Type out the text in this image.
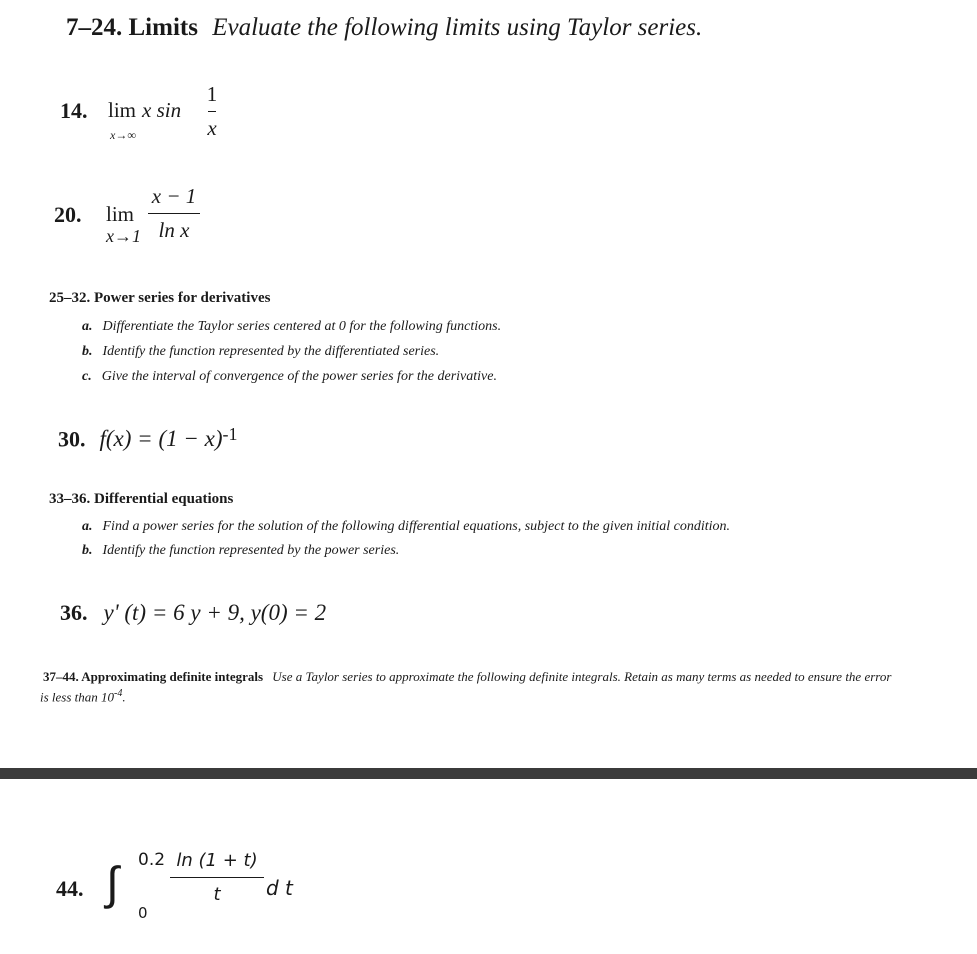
7–24. Limits Evaluate the following limits using Taylor series.
14. lim
x→∞
x sin
1
x
20. lim
x→1
x − 1
ln x
25–32. Power series for derivatives
a. Differentiate the Taylor series centered at 0 for the following functions.
b. Identify the function represented by the differentiated series.
c. Give the interval of convergence of the power series for the derivative.
30. $f(x) = (1 - x)^{-1}$
33–36. Differential equations
a. Find a power series for the solution of the following differential equations, subject to the given initial condition.
b. Identify the function represented by the power series.
36. y' (t) = 6 y + 9, y(0) = 2
37–44. Approximating definite integrals Use a Taylor series to approximate the following definite integrals. Retain as many terms as needed to ensure the error
is less than $10^{-4}$.
44. ∫ 0.2
0
ln (1 + t)
t d t
